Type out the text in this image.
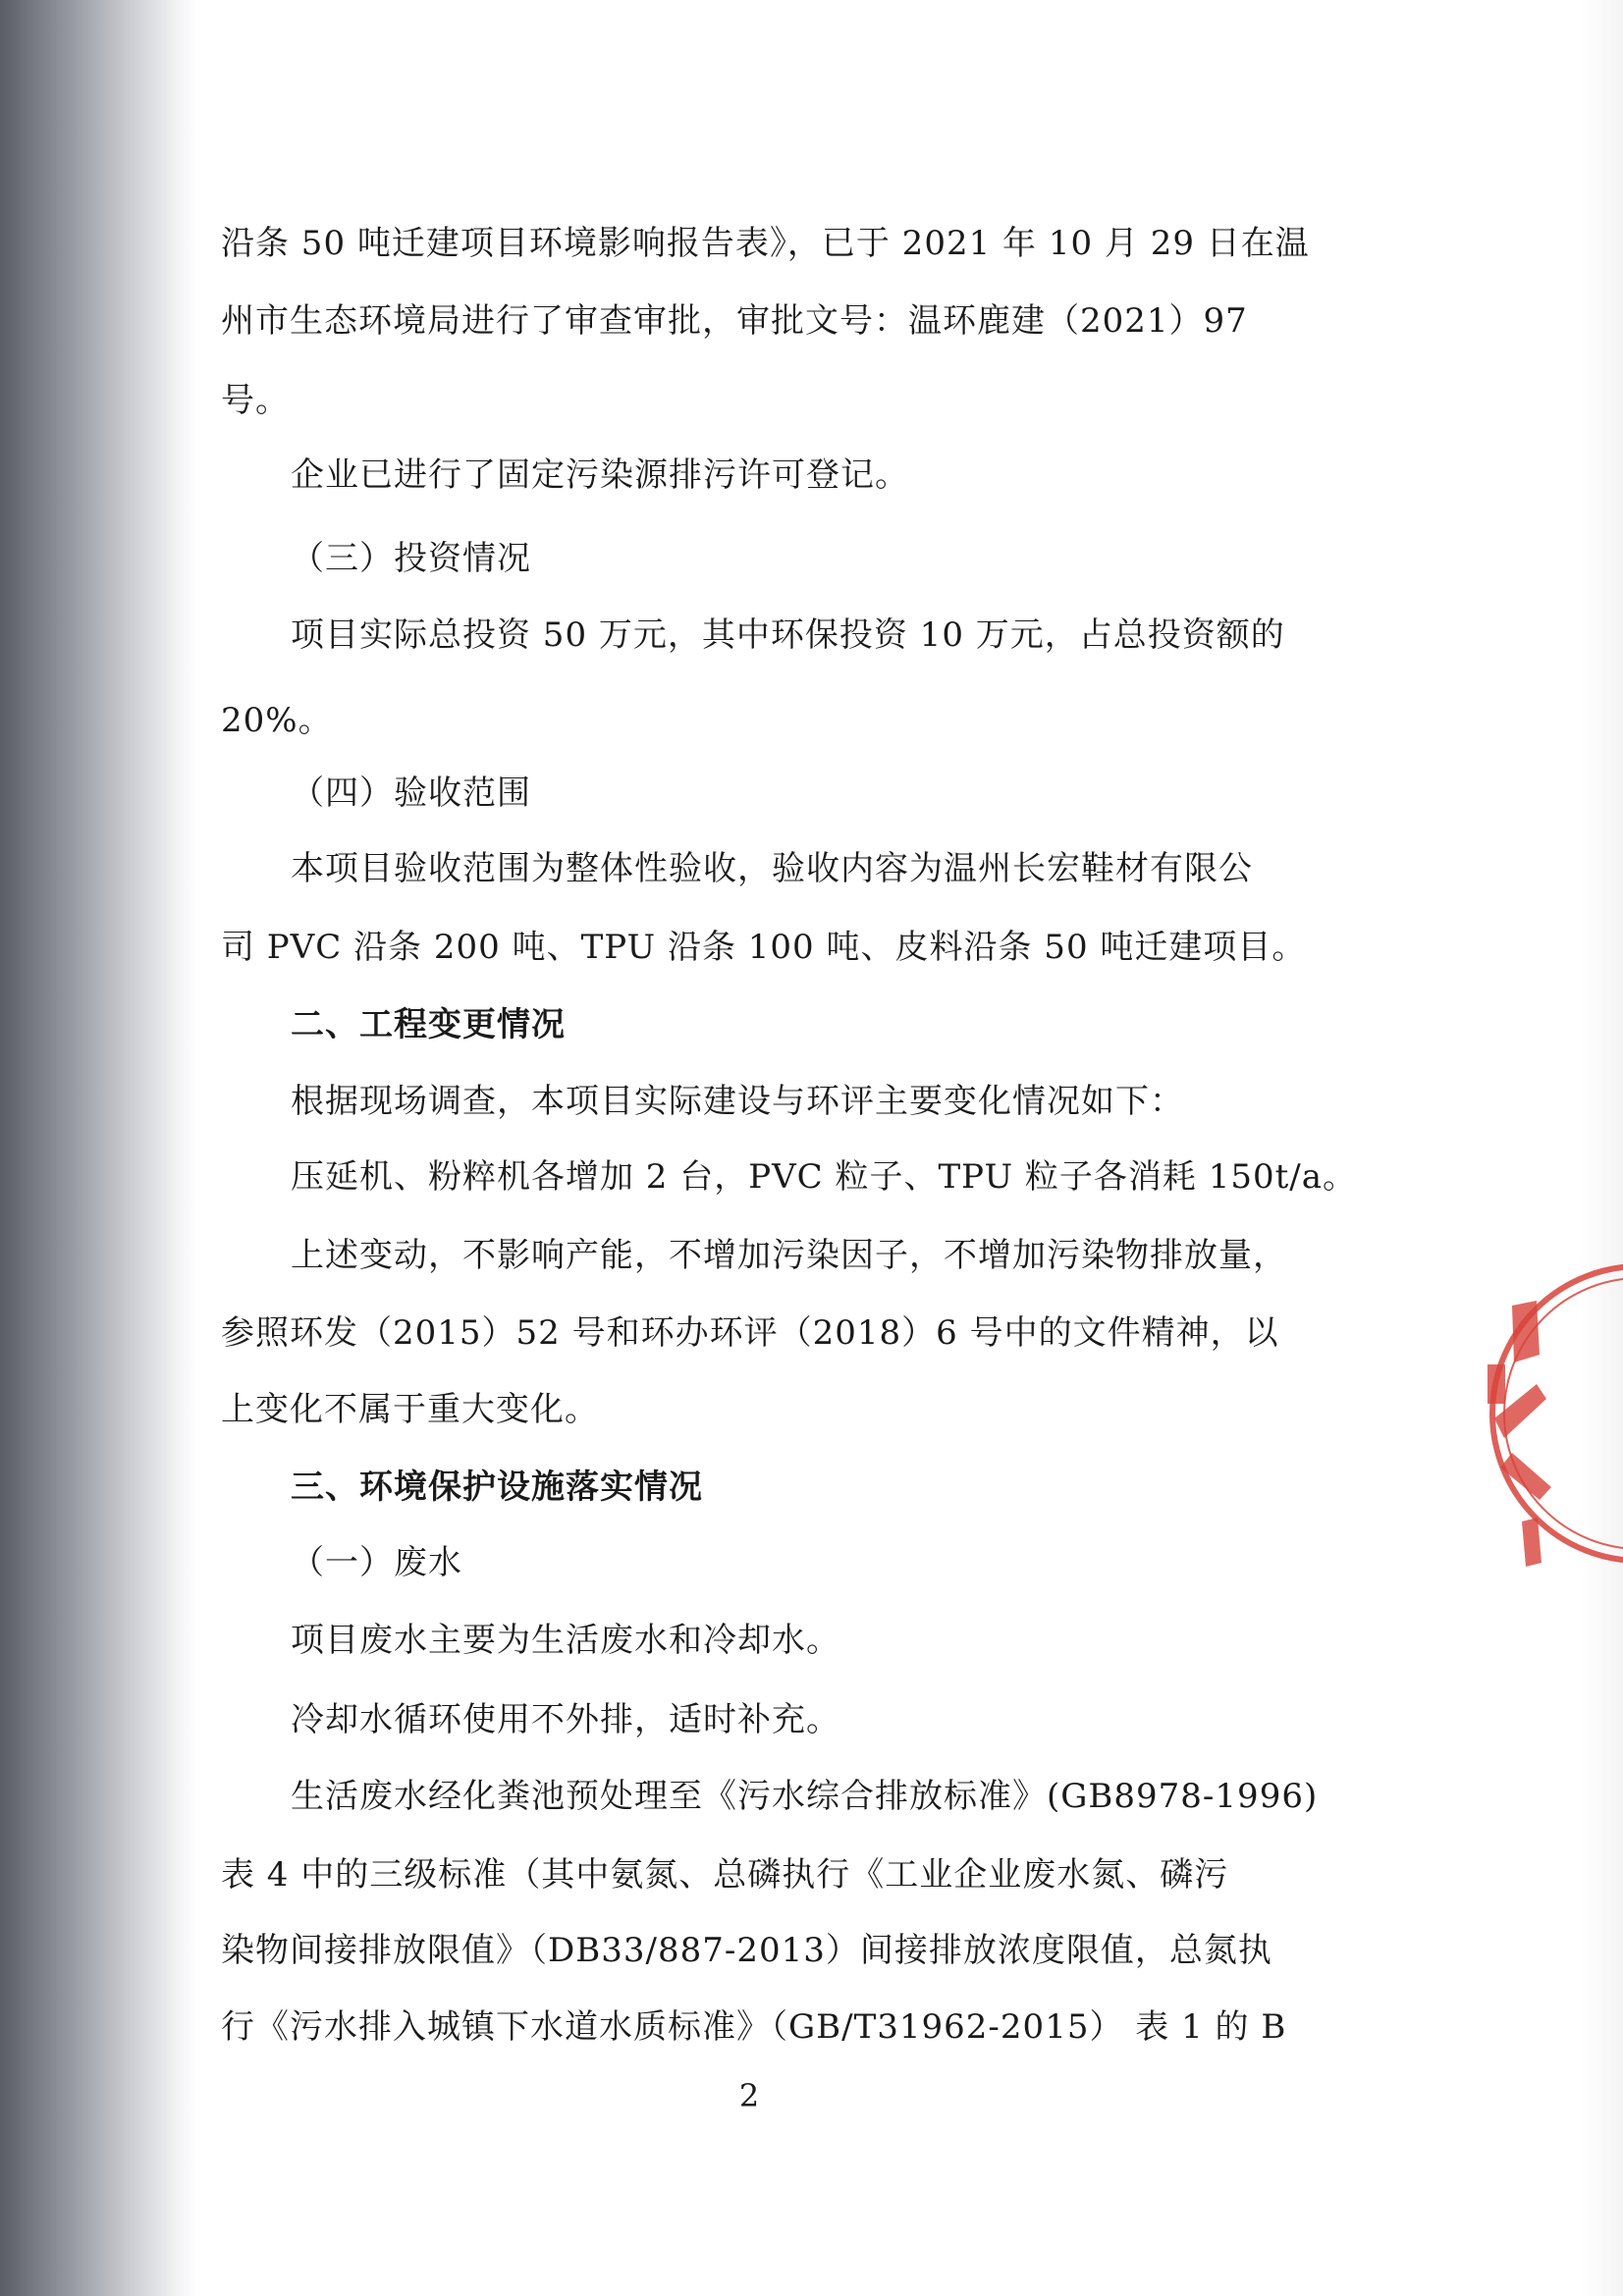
沿条 50 吨迁建项目环境影响报告表》，已于 2021 年 10 月 29 日在温
州市生态环境局进行了审查审批，审批文号：温环鹿建（2021）97
号。
企业已进行了固定污染源排污许可登记。
（三）投资情况
项目实际总投资 50 万元，其中环保投资 10 万元，占总投资额的
20%。
（四）验收范围
本项目验收范围为整体性验收，验收内容为温州长宏鞋材有限公
司 PVC 沿条 200 吨、TPU 沿条 100 吨、皮料沿条 50 吨迁建项目。
二、工程变更情况
根据现场调查，本项目实际建设与环评主要变化情况如下：
压延机、粉粹机各增加 2 台，PVC 粒子、TPU 粒子各消耗 150t/a。
上述变动，不影响产能，不增加污染因子，不增加污染物排放量，
参照环发（2015）52 号和环办环评（2018）6 号中的文件精神，以
上变化不属于重大变化。
三、环境保护设施落实情况
（一）废水
项目废水主要为生活废水和冷却水。
冷却水循环使用不外排，适时补充。
生活废水经化粪池预处理至《污水综合排放标准》(GB8978-1996)
表 4 中的三级标准（其中氨氮、总磷执行《工业企业废水氮、磷污
染物间接排放限值》（DB33/887-2013）间接排放浓度限值，总氮执
行《污水排入城镇下水道水质标准》（GB/T31962-2015） 表 1 的 B
2
